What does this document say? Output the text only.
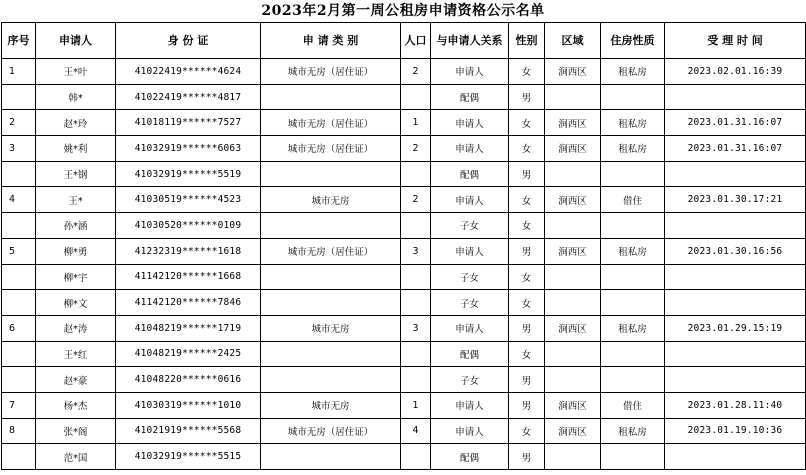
2023年2月第一周公租房申请资格公示名单
序号	申请人	身 份 证	申 请 类 别	人口	与申请人关系	性别	区域	住房性质	受 理 时 间
1	王*叶	41022419******4624	城市无房（居住证）	2	申请人	女	涧西区	租私房	2023.02.01.16:39
	韩*	41022419******4817			配偶	男			
2	赵*玲	41018119******7527	城市无房（居住证）	1	申请人	女	涧西区	租私房	2023.01.31.16:07
3	姚*利	41032919******6063	城市无房（居住证）	2	申请人	女	涧西区	租私房	2023.01.31.16:07
	王*钢	41032919******5519			配偶	男			
4	王*	41030519******4523	城市无房	2	申请人	女	涧西区	借住	2023.01.30.17:21
	孙*涵	41030520******0109			子女	女			
5	柳*勇	41232319******1618	城市无房（居住证）	3	申请人	男	涧西区	租私房	2023.01.30.16:56
	柳*宇	41142120******1668			子女	女			
	柳*文	41142120******7846			子女	女			
6	赵*涛	41048219******1719	城市无房	3	申请人	男	涧西区	租私房	2023.01.29.15:19
	王*红	41048219******2425			配偶	女			
	赵*豪	41048220******0616			子女	男			
7	杨*杰	41030319******1010	城市无房	1	申请人	男	涧西区	借住	2023.01.28.11:40
8	张*阁	41021919******5568	城市无房（居住证）	4	申请人	女	涧西区	租私房	2023.01.19.10:36
	范*国	41032919******5515			配偶	男			
